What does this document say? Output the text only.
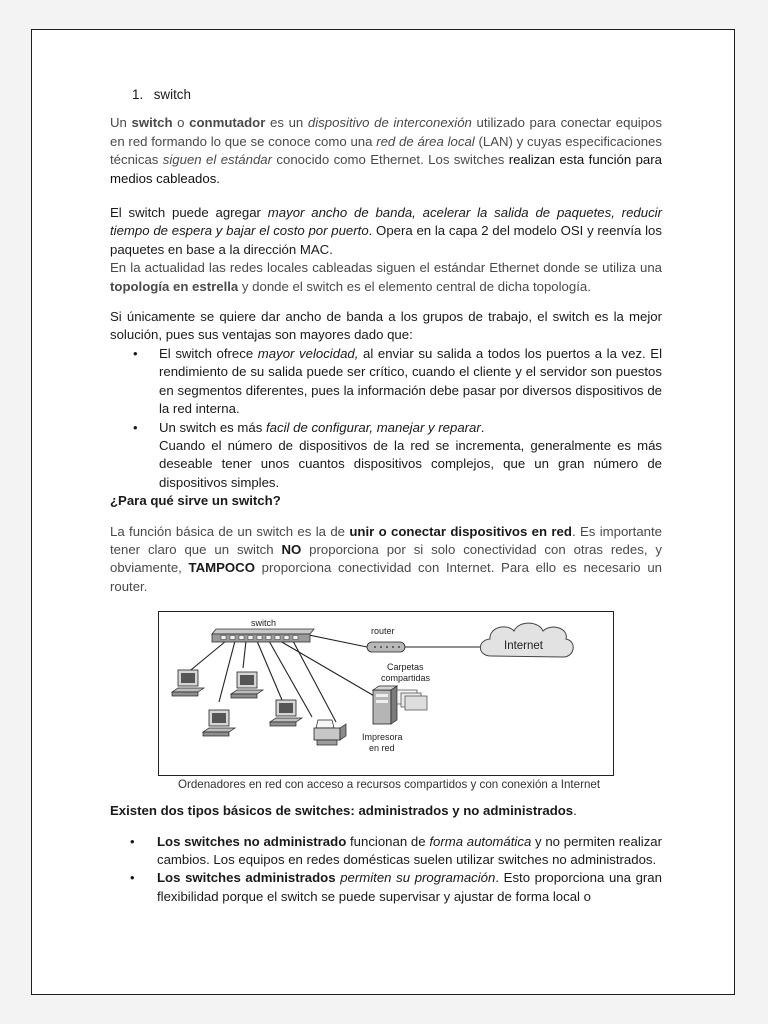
1. switch

Un switch o conmutador es un dispositivo de interconexión utilizado para conectar equipos en red formando lo que se conoce como una red de área local (LAN) y cuyas especificaciones técnicas siguen el estándar conocido como Ethernet. Los switches realizan esta función para medios cableados.

El switch puede agregar mayor ancho de banda, acelerar la salida de paquetes, reducir tiempo de espera y bajar el costo por puerto. Opera en la capa 2 del modelo OSI y reenvía los paquetes en base a la dirección MAC.

En la actualidad las redes locales cableadas siguen el estándar Ethernet donde se utiliza una topología en estrella y donde el switch es el elemento central de dicha topología.

Si únicamente se quiere dar ancho de banda a los grupos de trabajo, el switch es la mejor solución, pues sus ventajas son mayores dado que:

• El switch ofrece mayor velocidad, al enviar su salida a todos los puertos a la vez. El rendimiento de su salida puede ser crítico, cuando el cliente y el servidor son puestos en segmentos diferentes, pues la información debe pasar por diversos dispositivos de la red interna.
• Un switch es más facil de configurar, manejar y reparar.
Cuando el número de dispositivos de la red se incrementa, generalmente es más deseable tener unos cuantos dispositivos complejos, que un gran número de dispositivos simples.

¿Para qué sirve un switch?

La función básica de un switch es la de unir o conectar dispositivos en red. Es importante tener claro que un switch NO proporciona por si solo conectividad con otras redes, y obviamente, TAMPOCO proporciona conectividad con Internet. Para ello es necesario un router.

switch
router
Internet
Carpetas
compartidas
Impresora
en red

Ordenadores en red con acceso a recursos compartidos y con conexión a Internet

Existen dos tipos básicos de switches: administrados y no administrados.

• Los switches no administrado funcionan de forma automática y no permiten realizar cambios. Los equipos en redes domésticas suelen utilizar switches no administrados.
• Los switches administrados permiten su programación. Esto proporciona una gran flexibilidad porque el switch se puede supervisar y ajustar de forma local o
